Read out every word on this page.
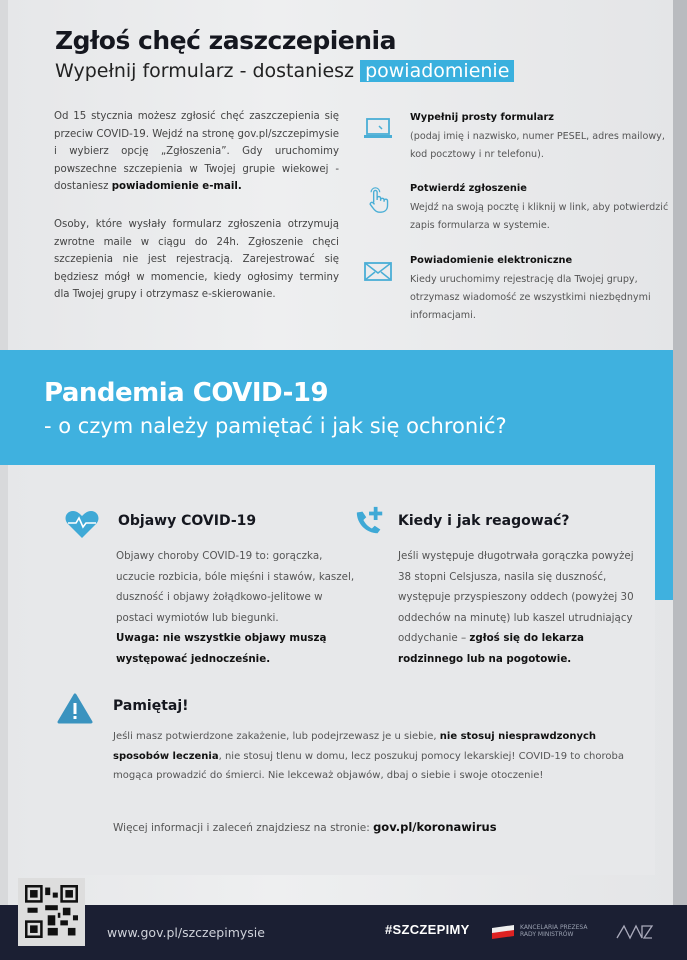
Zgłoś chęć zaszczepienia
Wypełnij formularz - dostaniesz powiadomienie
Od 15 stycznia możesz zgłosić chęć zaszczepienia się przeciw COVID-19. Wejdź na stronę gov.pl/szczepimysie i wybierz opcję „Zgłoszenia”. Gdy uruchomimy powszechne szczepienia w Twojej grupie wiekowej - dostaniesz powiadomienie e-mail.
Osoby, które wysłały formularz zgłoszenia otrzymują zwrotne maile w ciągu do 24h. Zgłoszenie chęci szczepienia nie jest rejestracją. Zarejestrować się będziesz mógł w momencie, kiedy ogłosimy terminy dla Twojej grupy i otrzymasz e-skierowanie.
Wypełnij prosty formularz
(podaj imię i nazwisko, numer PESEL, adres mailowy, kod pocztowy i nr telefonu).
Potwierdź zgłoszenie
Wejdź na swoją pocztę i kliknij w link, aby potwierdzić zapis formularza w systemie.
Powiadomienie elektroniczne
Kiedy uruchomimy rejestrację dla Twojej grupy, otrzymasz wiadomość ze wszystkimi niezbędnymi informacjami.
Pandemia COVID-19
- o czym należy pamiętać i jak się ochronić?
Objawy COVID-19
Objawy choroby COVID-19 to: gorączka, uczucie rozbicia, bóle mięśni i stawów, kaszel, duszność i objawy żołądkowo-jelitowe w postaci wymiotów lub biegunki.
Uwaga: nie wszystkie objawy muszą występować jednocześnie.
Kiedy i jak reagować?
Jeśli występuje długotrwała gorączka powyżej 38 stopni Celsjusza, nasila się duszność, występuje przyspieszony oddech (powyżej 30 oddechów na minutę) lub kaszel utrudniający oddychanie – zgłoś się do lekarza rodzinnego lub na pogotowie.
Pamiętaj!
Jeśli masz potwierdzone zakażenie, lub podejrzewasz je u siebie, nie stosuj niesprawdzonych sposobów leczenia, nie stosuj tlenu w domu, lecz poszukuj pomocy lekarskiej! COVID-19 to choroba mogąca prowadzić do śmierci. Nie lekceważ objawów, dbaj o siebie i swoje otoczenie!
Więcej informacji i zaleceń znajdziesz na stronie: gov.pl/koronawirus
www.gov.pl/szczepimysie	#SZCZEPIMY	KANCELARIA PREZESA
RADY MINISTRÓW
